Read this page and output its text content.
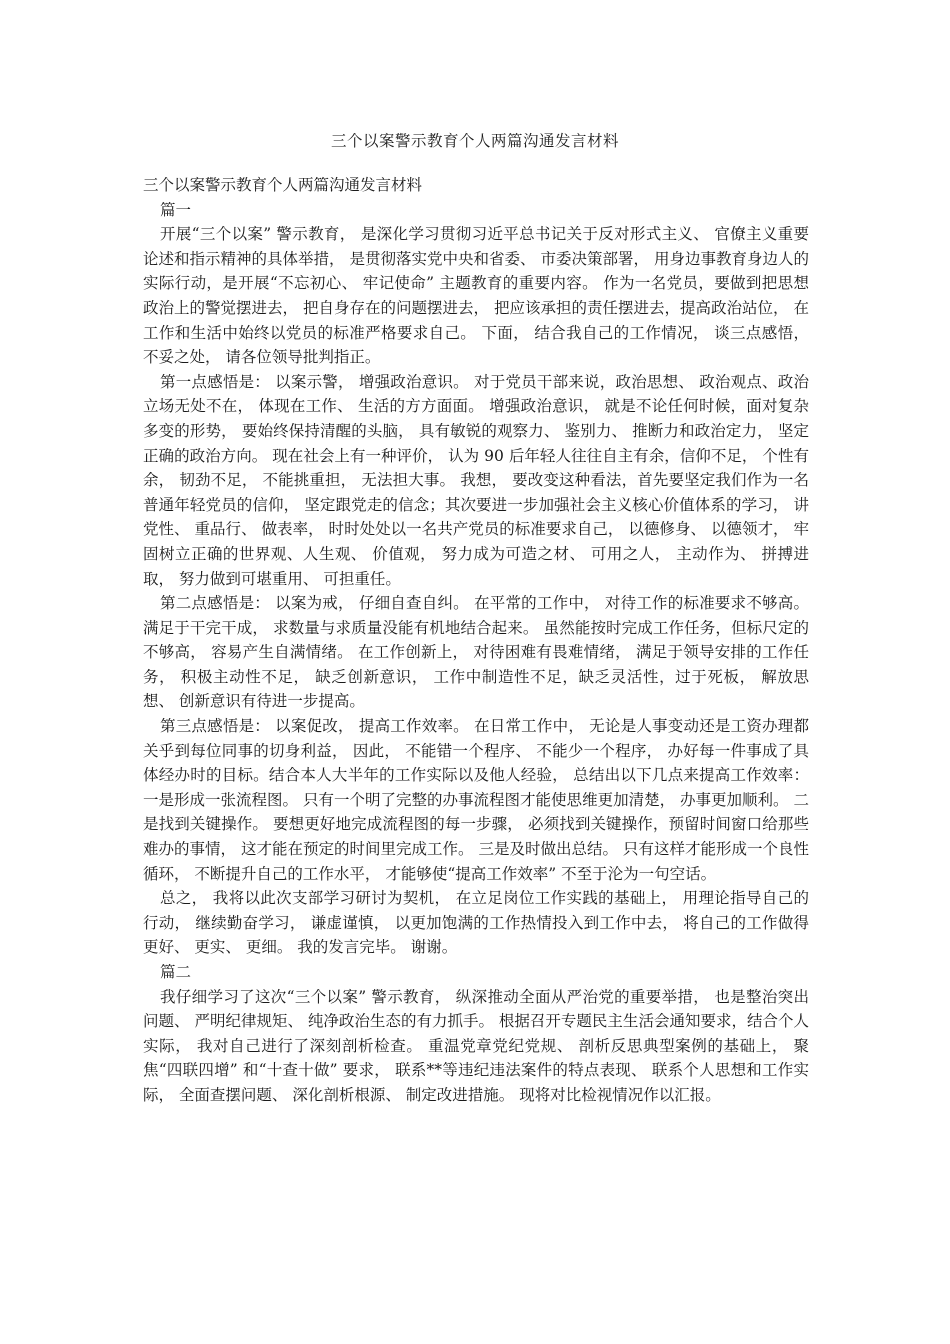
三个以案警示教育个人两篇沟通发言材料

三个以案警示教育个人两篇沟通发言材料

篇一

开展“三个以案” 警示教育， 是深化学习贯彻习近平总书记关于反对形式主义、 官僚主义重要论述和指示精神的具体举措， 是贯彻落实党中央和省委、 市委决策部署， 用身边事教育身边人的实际行动，是开展“不忘初心、 牢记使命” 主题教育的重要内容。 作为一名党员，要做到把思想政治上的警觉摆进去， 把自身存在的问题摆进去， 把应该承担的责任摆进去，提高政治站位， 在工作和生活中始终以党员的标准严格要求自己。 下面， 结合我自己的工作情况， 谈三点感悟， 不妥之处， 请各位领导批判指正。

第一点感悟是： 以案示警， 增强政治意识。 对于党员干部来说，政治思想、 政治观点、政治立场无处不在， 体现在工作、 生活的方方面面。 增强政治意识， 就是不论任何时候，面对复杂多变的形势， 要始终保持清醒的头脑， 具有敏锐的观察力、 鉴别力、 推断力和政治定力， 坚定正确的政治方向。 现在社会上有一种评价， 认为 90 后年轻人往往自主有余，信仰不足， 个性有余， 韧劲不足， 不能挑重担， 无法担大事。 我想， 要改变这种看法，首先要坚定我们作为一名普通年轻党员的信仰， 坚定跟党走的信念；其次要进一步加强社会主义核心价值体系的学习， 讲党性、 重品行、 做表率， 时时处处以一名共产党员的标准要求自己， 以德修身、 以德领才， 牢固树立正确的世界观、人生观、 价值观， 努力成为可造之材、 可用之人， 主动作为、 拼搏进取， 努力做到可堪重用、 可担重任。

第二点感悟是： 以案为戒， 仔细自查自纠。 在平常的工作中， 对待工作的标准要求不够高。 满足于干完干成， 求数量与求质量没能有机地结合起来。 虽然能按时完成工作任务，但标尺定的不够高， 容易产生自满情绪。 在工作创新上， 对待困难有畏难情绪， 满足于领导安排的工作任务， 积极主动性不足， 缺乏创新意识， 工作中制造性不足，缺乏灵活性，过于死板， 解放思想、 创新意识有待进一步提高。

第三点感悟是： 以案促改， 提高工作效率。 在日常工作中， 无论是人事变动还是工资办理都关乎到每位同事的切身利益， 因此， 不能错一个程序、 不能少一个程序， 办好每一件事成了具体经办时的目标。结合本人大半年的工作实际以及他人经验， 总结出以下几点来提高工作效率： 一是形成一张流程图。 只有一个明了完整的办事流程图才能使思维更加清楚， 办事更加顺利。 二是找到关键操作。 要想更好地完成流程图的每一步骤， 必须找到关键操作，预留时间窗口给那些难办的事情， 这才能在预定的时间里完成工作。 三是及时做出总结。 只有这样才能形成一个良性循环， 不断提升自己的工作水平， 才能够使“提高工作效率” 不至于沦为一句空话。

总之， 我将以此次支部学习研讨为契机， 在立足岗位工作实践的基础上， 用理论指导自己的行动， 继续勤奋学习， 谦虚谨慎， 以更加饱满的工作热情投入到工作中去， 将自己的工作做得更好、 更实、 更细。 我的发言完毕。 谢谢。

篇二

我仔细学习了这次“三个以案” 警示教育， 纵深推动全面从严治党的重要举措， 也是整治突出问题、 严明纪律规矩、 纯净政治生态的有力抓手。 根据召开专题民主生活会通知要求，结合个人实际， 我对自己进行了深刻剖析检查。 重温党章党纪党规、 剖析反思典型案例的基础上， 聚焦“四联四增” 和“十查十做” 要求， 联系**等违纪违法案件的特点表现、 联系个人思想和工作实际， 全面查摆问题、 深化剖析根源、 制定改进措施。 现将对比检视情况作以汇报。
